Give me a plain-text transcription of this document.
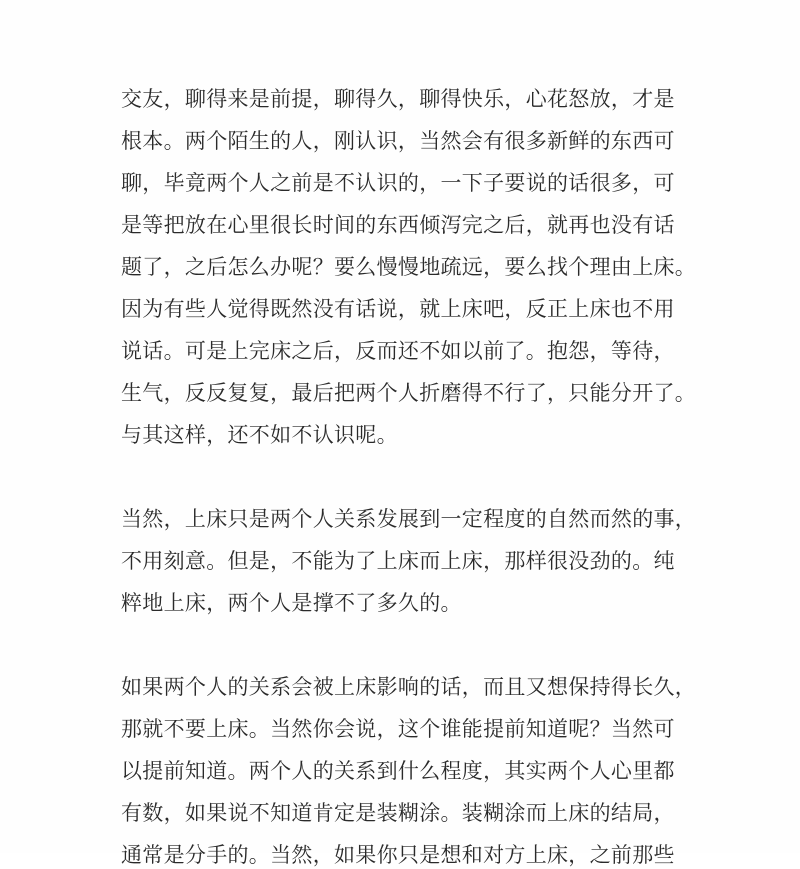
交友，聊得来是前提，聊得久，聊得快乐，心花怒放，才是

根本。两个陌生的人，刚认识，当然会有很多新鲜的东西可

聊，毕竟两个人之前是不认识的，一下子要说的话很多，可

是等把放在心里很长时间的东西倾泻完之后，就再也没有话

题了，之后怎么办呢？要么慢慢地疏远，要么找个理由上床。

因为有些人觉得既然没有话说，就上床吧，反正上床也不用

说话。可是上完床之后，反而还不如以前了。抱怨，等待，

生气，反反复复，最后把两个人折磨得不行了，只能分开了。

与其这样，还不如不认识呢。

当然，上床只是两个人关系发展到一定程度的自然而然的事，

不用刻意。但是，不能为了上床而上床，那样很没劲的。纯

粹地上床，两个人是撑不了多久的。

如果两个人的关系会被上床影响的话，而且又想保持得长久，

那就不要上床。当然你会说，这个谁能提前知道呢？当然可

以提前知道。两个人的关系到什么程度，其实两个人心里都

有数，如果说不知道肯定是装糊涂。装糊涂而上床的结局，

通常是分手的。当然，如果你只是想和对方上床，之前那些
